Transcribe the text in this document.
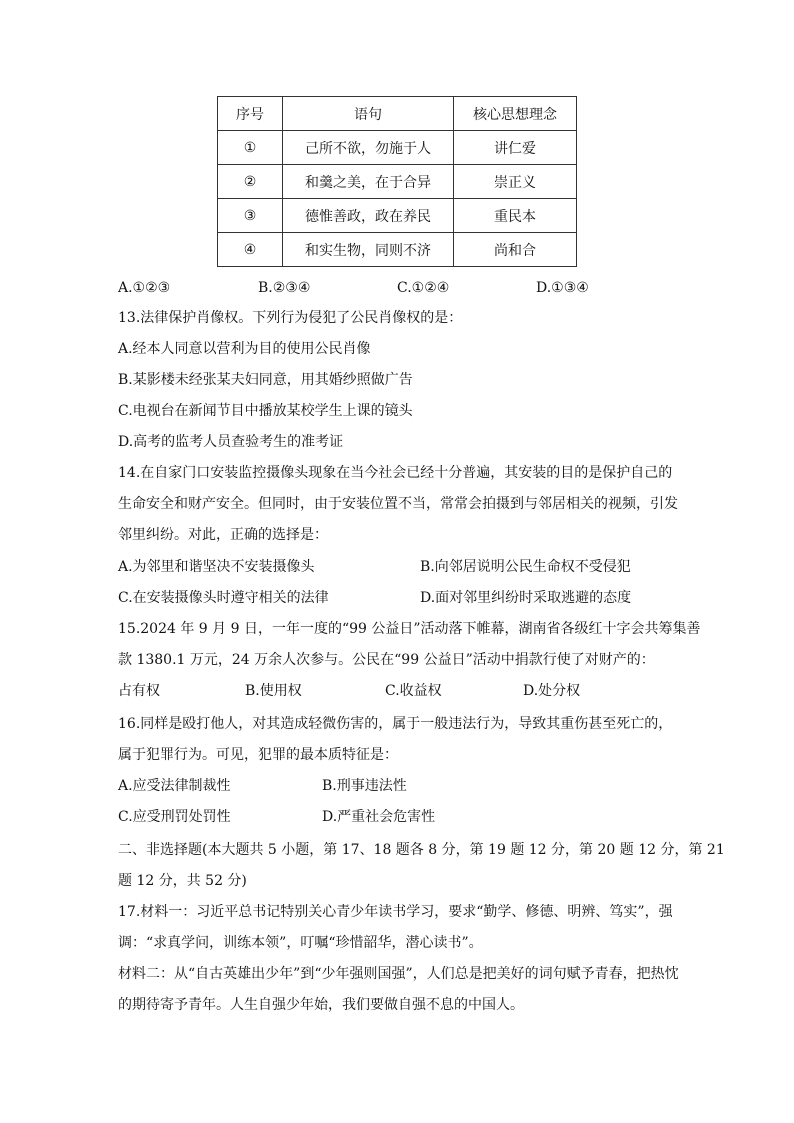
序号	语句	核心思想理念
①	己所不欲，勿施于人	讲仁爱
②	和羹之美，在于合异	崇正义
③	德惟善政，政在养民	重民本
④	和实生物，同则不济	尚和合
A.①②③	B.②③④	C.①②④	D.①③④
13.法律保护肖像权。下列行为侵犯了公民肖像权的是：
A.经本人同意以营利为目的使用公民肖像
B.某影楼未经张某夫妇同意，用其婚纱照做广告
C.电视台在新闻节目中播放某校学生上课的镜头
D.高考的监考人员查验考生的准考证
14.在自家门口安装监控摄像头现象在当今社会已经十分普遍，其安装的目的是保护自己的
生命安全和财产安全。但同时，由于安装位置不当，常常会拍摄到与邻居相关的视频，引发
邻里纠纷。对此，正确的选择是：
A.为邻里和谐坚决不安装摄像头	B.向邻居说明公民生命权不受侵犯
C.在安装摄像头时遵守相关的法律	D.面对邻里纠纷时采取逃避的态度
15.2024 年 9 月 9 日，一年一度的“99 公益日”活动落下帷幕，湖南省各级红十字会共筹集善
款 1380.1 万元，24 万余人次参与。公民在“99 公益日”活动中捐款行使了对财产的：
占有权	B.使用权	C.收益权	D.处分权
16.同样是殴打他人，对其造成轻微伤害的，属于一般违法行为，导致其重伤甚至死亡的，
属于犯罪行为。可见，犯罪的最本质特征是：
A.应受法律制裁性	B.刑事违法性
C.应受刑罚处罚性	D.严重社会危害性
二、非选择题(本大题共 5 小题，第 17、18 题各 8 分，第 19 题 12 分，第 20 题 12 分，第 21
题 12 分，共 52 分)
17.材料一：习近平总书记特别关心青少年读书学习，要求“勤学、修德、明辨、笃实”，强
调：“求真学问，训练本领”，叮嘱“珍惜韶华，潜心读书”。
材料二：从“自古英雄出少年”到“少年强则国强”，人们总是把美好的词句赋予青春，把热忱
的期待寄予青年。人生自强少年始，我们要做自强不息的中国人。
